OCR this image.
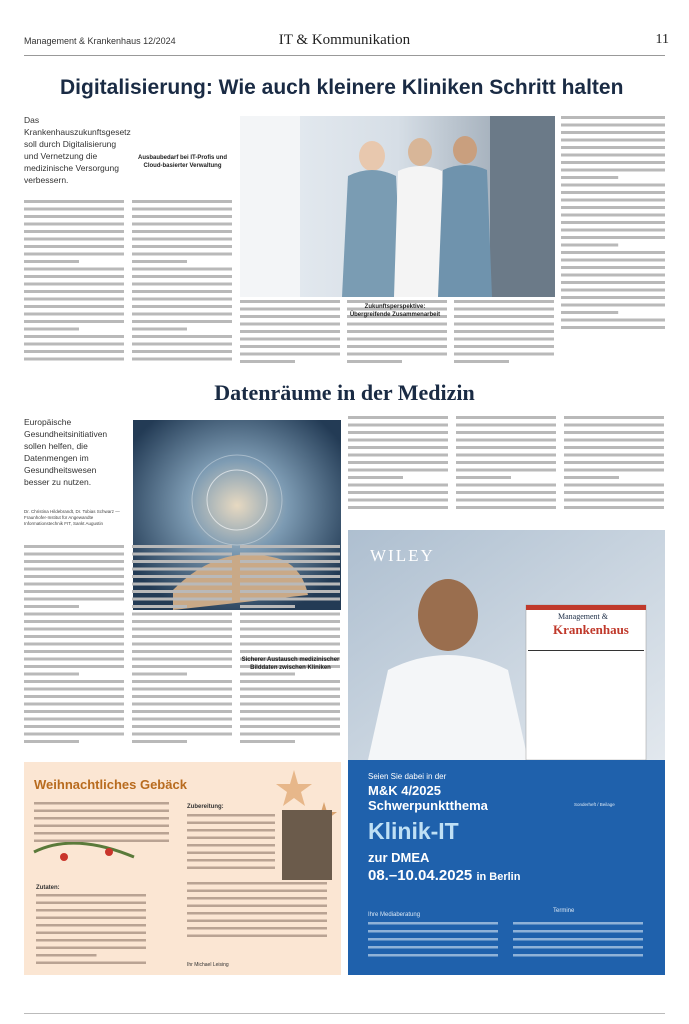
Management & Krankenhaus 12/2024	IT & Kommunikation	11
Digitalisierung: Wie auch kleinere Kliniken Schritt halten
Das Krankenhauszukunftsgesetz soll durch Digitalisierung und Vernetzung die medizinische Versorgung verbessern.
Ausbaubedarf bei IT-Profis und Cloud-basierter Verwaltung
Zukunftsperspektive: Übergreifende Zusammenarbeit
Datenräume in der Medizin
Europäische Gesundheitsinitiativen sollen helfen, die Datenmengen im Gesundheitswesen besser zu nutzen.
Dr. Christina Hildebrandt, Dr. Tobias Schwarz — Fraunhofer-Institut für Angewandte Informationstechnik FIT, Sankt Augustin
Sicherer Austausch medizinischer Bilddaten zwischen Kliniken
Weihnachtliches Gebäck
Zutaten:
Zubereitung:
Ihr Michael Leising
Management &
Krankenhaus
WILEY
Seien Sie dabei in der
M&K 4/2025
Schwerpunktthema
Klinik-IT
zur DMEA
08.–10.04.2025 in Berlin
Sonderheft / Beilage
Ihre Mediaberatung
Termine
